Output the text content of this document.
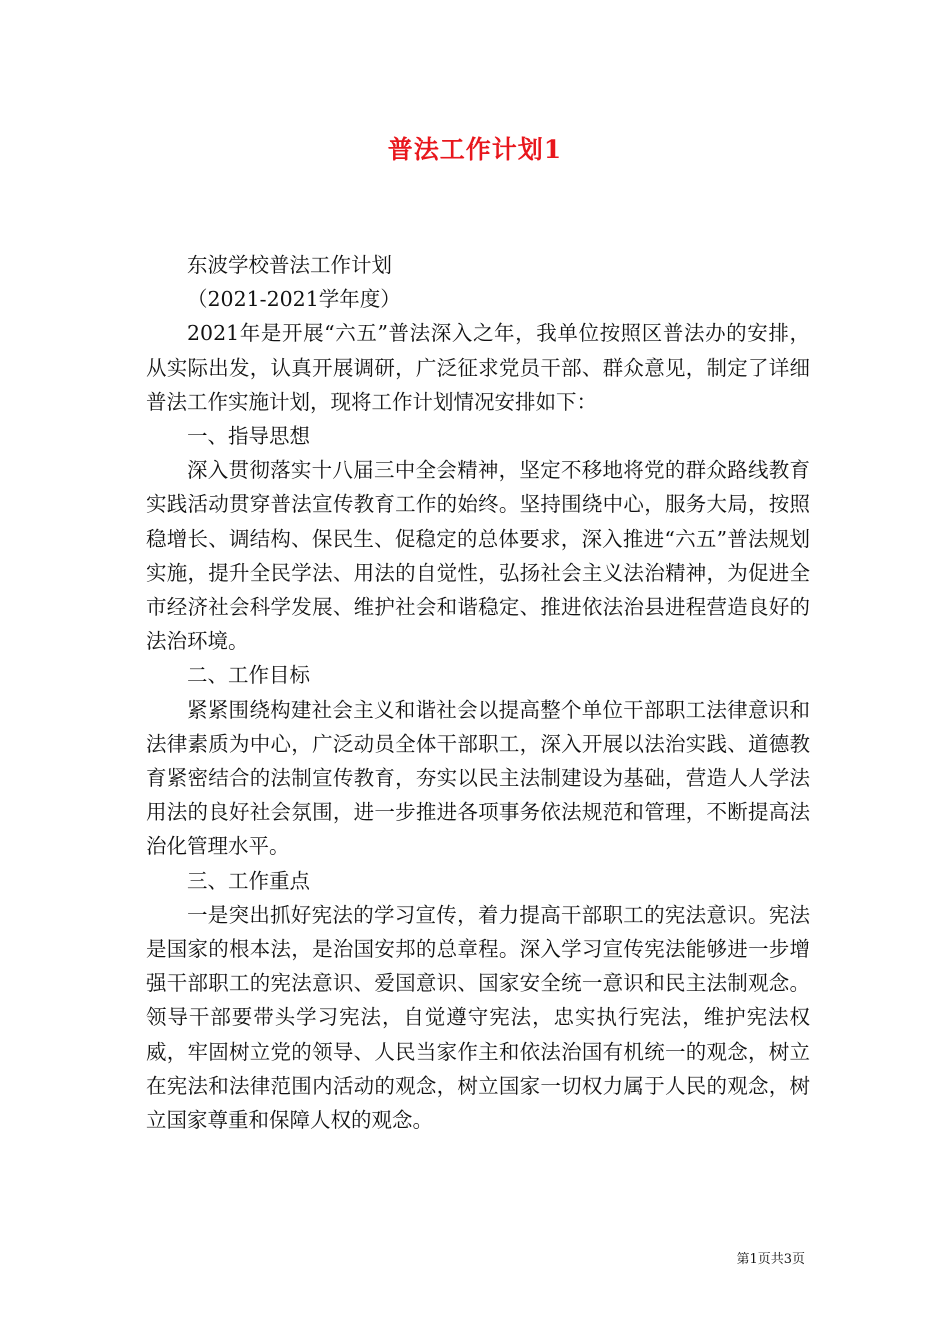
普法工作计划1

东波学校普法工作计划

（2021-2021学年度）

2021年是开展“六五”普法深入之年，我单位按照区普法办的安排，从实际出发，认真开展调研，广泛征求党员干部、群众意见，制定了详细普法工作实施计划，现将工作计划情况安排如下：

一、指导思想

深入贯彻落实十八届三中全会精神，坚定不移地将党的群众路线教育实践活动贯穿普法宣传教育工作的始终。坚持围绕中心，服务大局，按照稳增长、调结构、保民生、促稳定的总体要求，深入推进“六五”普法规划实施，提升全民学法、用法的自觉性，弘扬社会主义法治精神，为促进全市经济社会科学发展、维护社会和谐稳定、推进依法治县进程营造良好的法治环境。

二、工作目标

紧紧围绕构建社会主义和谐社会以提高整个单位干部职工法律意识和法律素质为中心，广泛动员全体干部职工，深入开展以法治实践、道德教育紧密结合的法制宣传教育，夯实以民主法制建设为基础，营造人人学法用法的良好社会氛围，进一步推进各项事务依法规范和管理，不断提高法治化管理水平。

三、工作重点

一是突出抓好宪法的学习宣传，着力提高干部职工的宪法意识。宪法是国家的根本法，是治国安邦的总章程。深入学习宣传宪法能够进一步增强干部职工的宪法意识、爱国意识、国家安全统一意识和民主法制观念。领导干部要带头学习宪法，自觉遵守宪法，忠实执行宪法，维护宪法权威，牢固树立党的领导、人民当家作主和依法治国有机统一的观念，树立在宪法和法律范围内活动的观念，树立国家一切权力属于人民的观念，树立国家尊重和保障人权的观念。

第1页共3页
